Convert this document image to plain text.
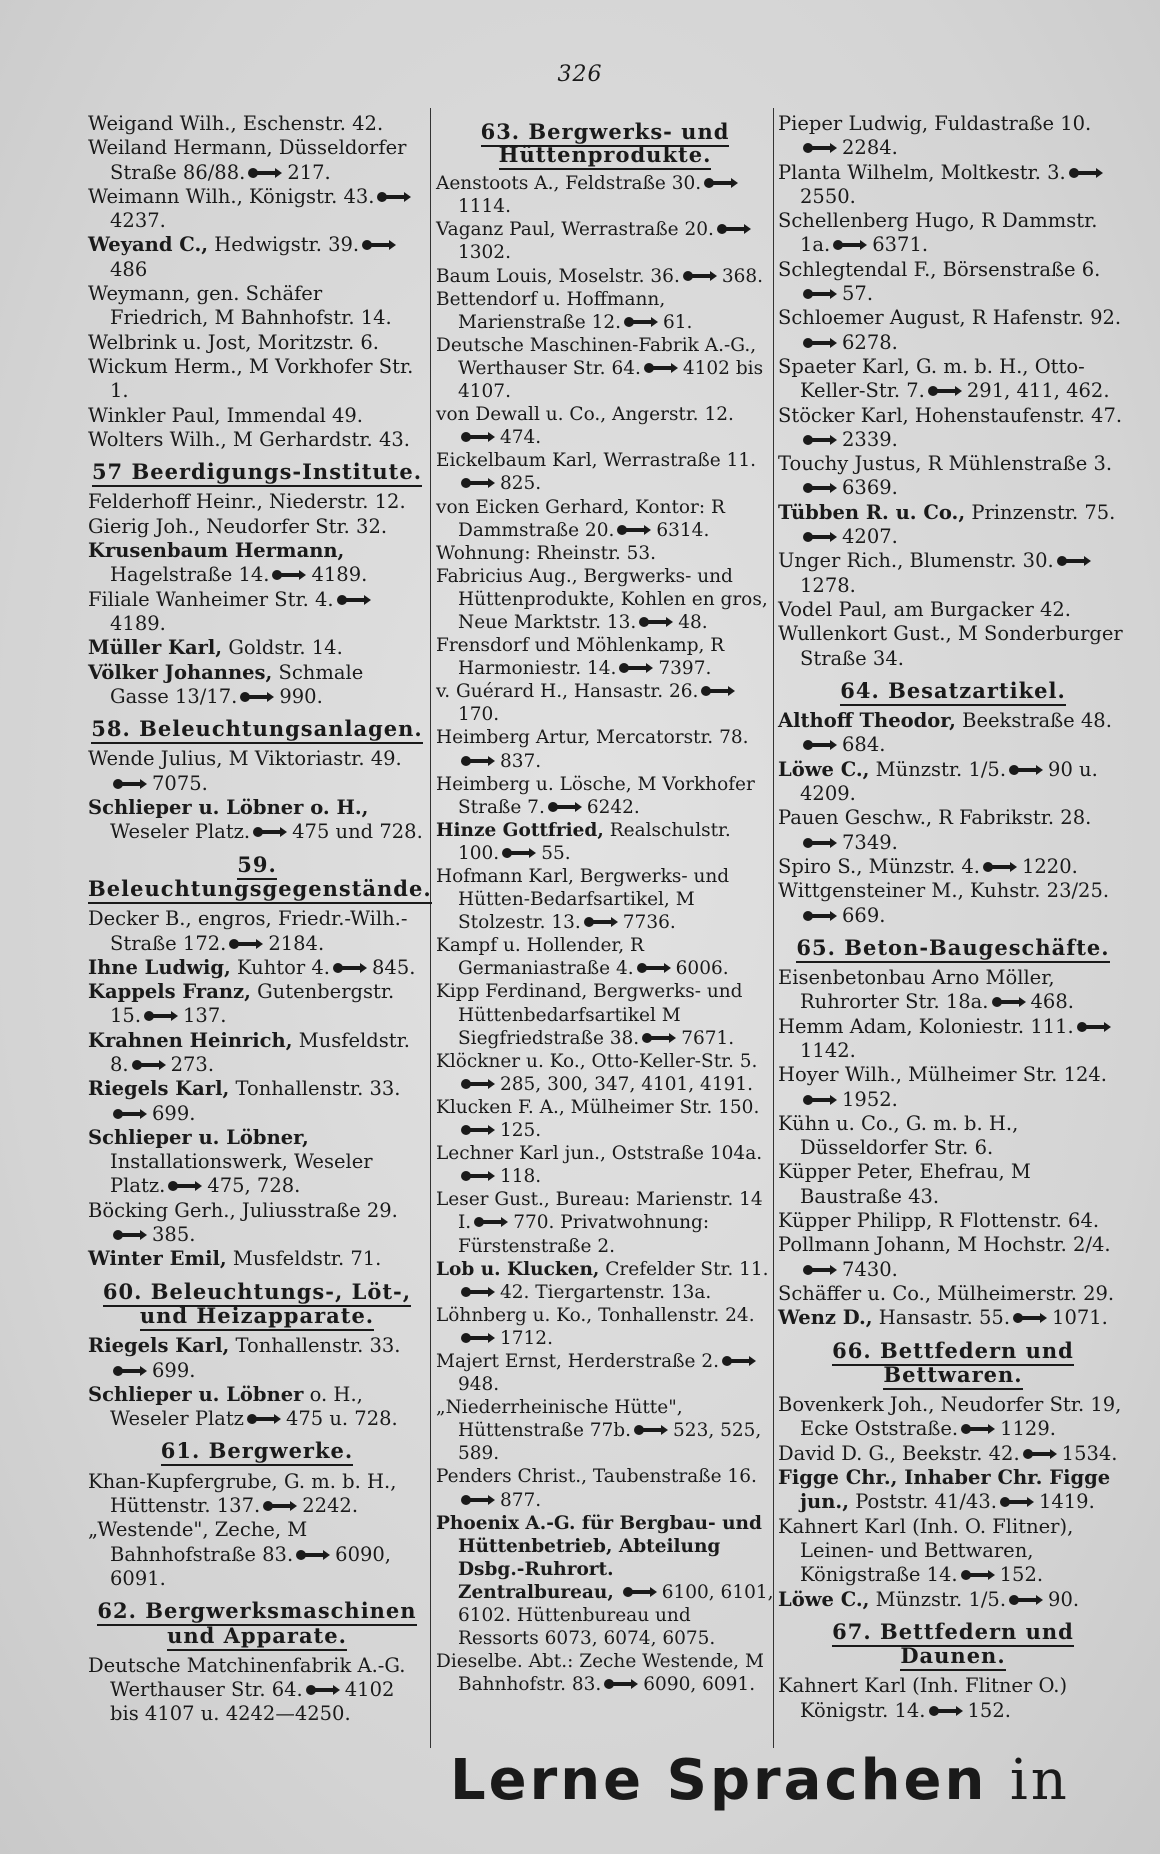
326

Weigand Wilh., Eschenstr. 42.

Weiland Hermann, Düsseldorfer Straße 86/88. 217.

Weimann Wilh., Königstr. 43.
4237.

Weyand C., Hedwigstr. 39.
486

Weymann, gen. Schäfer Friedrich, M Bahnhofstr. 14.

Welbrink u. Jost, Moritzstr. 6.

Wickum Herm., M Vorkhofer Str. 1.

Winkler Paul, Immendal 49.

Wolters Wilh., M Gerhardstr. 43.

57 Beerdigungs-Institute.

Felderhoff Heinr., Niederstr. 12.

Gierig Joh., Neudorfer Str. 32.

Krusenbaum Hermann, Hagelstraße 14. 4189.

Filiale Wanheimer Str. 4.
4189.

Müller Karl, Goldstr. 14.

Völker Johannes, Schmale Gasse 13/17. 990.

58. Beleuchtungsanlagen.

Wende Julius, M Viktoriastr. 49.
7075.

Schlieper u. Löbner o. H., Weseler Platz. 475 und 728.

59. Beleuchtungsgegenstände.

Decker B., engros, Friedr.-Wilh.-Straße 172. 2184.

Ihne Ludwig, Kuhtor 4. 845.

Kappels Franz, Gutenbergstr. 15. 137.

Krahnen Heinrich, Musfeldstr. 8. 273.

Riegels Karl, Tonhallenstr. 33.
699.

Schlieper u. Löbner, Installationswerk, Weseler Platz. 475, 728.

Böcking Gerh., Juliusstraße 29.
385.

Winter Emil, Musfeldstr. 71.

60. Beleuchtungs-, Löt-, und Heizapparate.

Riegels Karl, Tonhallenstr. 33.
699.

Schlieper u. Löbner o. H., Weseler Platz 475 u. 728.

61. Bergwerke.

Khan-Kupfergrube, G. m. b. H., Hüttenstr. 137. 2242.

„Westende", Zeche, M Bahnhofstraße 83. 6090, 6091.

62. Bergwerksmaschinen und Apparate.

Deutsche Matchinenfabrik A.-G. Werthauser Str. 64. 4102 bis 4107 u. 4242—4250.

63. Bergwerks- und Hüttenprodukte.

Aenstoots A., Feldstraße 30.
1114.

Vaganz Paul, Werrastraße 20.
1302.

Baum Louis, Moselstr. 36. 368.

Bettendorf u. Hoffmann, Marienstraße 12. 61.

Deutsche Maschinen-Fabrik A.-G., Werthauser Str. 64. 4102 bis 4107.

von Dewall u. Co., Angerstr. 12.
474.

Eickelbaum Karl, Werrastraße 11.
825.

von Eicken Gerhard, Kontor: R Dammstraße 20. 6314.

Wohnung: Rheinstr. 53.

Fabricius Aug., Bergwerks- und Hüttenprodukte, Kohlen en gros, Neue Marktstr. 13. 48.

Frensdorf und Möhlenkamp, R Harmoniestr. 14. 7397.

v. Guérard H., Hansastr. 26.
170.

Heimberg Artur, Mercatorstr. 78.
837.

Heimberg u. Lösche, M Vorkhofer Straße 7. 6242.

Hinze Gottfried, Realschulstr. 100. 55.

Hofmann Karl, Bergwerks- und Hütten-Bedarfsartikel, M Stolzestr. 13. 7736.

Kampf u. Hollender, R Germaniastraße 4. 6006.

Kipp Ferdinand, Bergwerks- und Hüttenbedarfsartikel M Siegfriedstraße 38. 7671.

Klöckner u. Ko., Otto-Keller-Str. 5.
285, 300, 347, 4101, 4191.

Klucken F. A., Mülheimer Str. 150.
125.

Lechner Karl jun., Oststraße 104a.
118.

Leser Gust., Bureau: Marienstr. 14 I. 770. Privatwohnung: Fürstenstraße 2.

Lob u. Klucken, Crefelder Str. 11.
42. Tiergartenstr. 13a.

Löhnberg u. Ko., Tonhallenstr. 24.
1712.

Majert Ernst, Herderstraße 2.
948.

„Niederrheinische Hütte", Hüttenstraße 77b. 523, 525, 589.

Penders Christ., Taubenstraße 16.
877.

Phoenix A.-G. für Bergbau- und Hüttenbetrieb, Abteilung Dsbg.-Ruhrort. Zentralbureau,	6100, 6101, 6102. Hüttenbureau und Ressorts 6073, 6074, 6075.

Dieselbe. Abt.: Zeche Westende, M Bahnhofstr. 83. 6090, 6091.

Pieper Ludwig, Fuldastraße 10.
2284.

Planta Wilhelm, Moltkestr. 3.
2550.

Schellenberg Hugo, R Dammstr. 1a. 6371.

Schlegtendal F., Börsenstraße 6.
57.

Schloemer August, R Hafenstr. 92.
6278.

Spaeter Karl, G. m. b. H., Otto-Keller-Str. 7. 291, 411, 462.

Stöcker Karl, Hohenstaufenstr. 47.
2339.

Touchy Justus, R Mühlenstraße 3.
6369.

Tübben R. u. Co., Prinzenstr. 75.
4207.

Unger Rich., Blumenstr. 30.
1278.

Vodel Paul, am Burgacker 42.

Wullenkort Gust., M Sonderburger Straße 34.

64. Besatzartikel.

Althoff Theodor, Beekstraße 48.
684.

Löwe C., Münzstr. 1/5. 90 u. 4209.

Pauen Geschw., R Fabrikstr. 28.
7349.

Spiro S., Münzstr. 4. 1220.

Wittgensteiner M., Kuhstr. 23/25.
669.

65. Beton-Baugeschäfte.

Eisenbetonbau Arno Möller, Ruhrorter Str. 18a. 468.

Hemm Adam, Koloniestr. 111.
1142.

Hoyer Wilh., Mülheimer Str. 124.
1952.

Kühn u. Co., G. m. b. H., Düsseldorfer Str. 6.

Küpper Peter, Ehefrau, M Baustraße 43.

Küpper Philipp, R Flottenstr. 64.

Pollmann Johann, M Hochstr. 2/4.
7430.

Schäffer u. Co., Mülheimerstr. 29.

Wenz D., Hansastr. 55. 1071.

66. Bettfedern und Bettwaren.

Bovenkerk Joh., Neudorfer Str. 19, Ecke Oststraße. 1129.

David D. G., Beekstr. 42. 1534.

Figge Chr., Inhaber Chr. Figge jun., Poststr. 41/43. 1419.

Kahnert Karl (Inh. O. Flitner), Leinen- und Bettwaren, Königstraße 14. 152.

Löwe C., Münzstr. 1/5. 90.

67. Bettfedern und Daunen.

Kahnert Karl (Inh. Flitner O.) Königstr. 14. 152.

Lerne Sprachen in
